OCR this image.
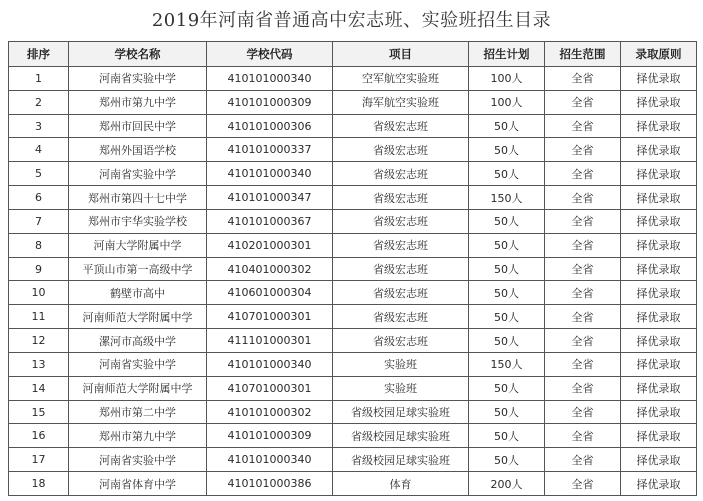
2019年河南省普通高中宏志班、实验班招生目录
排序	学校名称	学校代码	项目	招生计划	招生范围	录取原则
1	河南省实验中学	410101000340	空军航空实验班	100人	全省	择优录取
2	郑州市第九中学	410101000309	海军航空实验班	100人	全省	择优录取
3	郑州市回民中学	410101000306	省级宏志班	50人	全省	择优录取
4	郑州外国语学校	410101000337	省级宏志班	50人	全省	择优录取
5	河南省实验中学	410101000340	省级宏志班	50人	全省	择优录取
6	郑州市第四十七中学	410101000347	省级宏志班	150人	全省	择优录取
7	郑州市宇华实验学校	410101000367	省级宏志班	50人	全省	择优录取
8	河南大学附属中学	410201000301	省级宏志班	50人	全省	择优录取
9	平顶山市第一高级中学	410401000302	省级宏志班	50人	全省	择优录取
10	鹤壁市高中	410601000304	省级宏志班	50人	全省	择优录取
11	河南师范大学附属中学	410701000301	省级宏志班	50人	全省	择优录取
12	漯河市高级中学	411101000301	省级宏志班	50人	全省	择优录取
13	河南省实验中学	410101000340	实验班	150人	全省	择优录取
14	河南师范大学附属中学	410701000301	实验班	50人	全省	择优录取
15	郑州市第二中学	410101000302	省级校园足球实验班	50人	全省	择优录取
16	郑州市第九中学	410101000309	省级校园足球实验班	50人	全省	择优录取
17	河南省实验中学	410101000340	省级校园足球实验班	50人	全省	择优录取
18	河南省体育中学	410101000386	体育	200人	全省	择优录取
